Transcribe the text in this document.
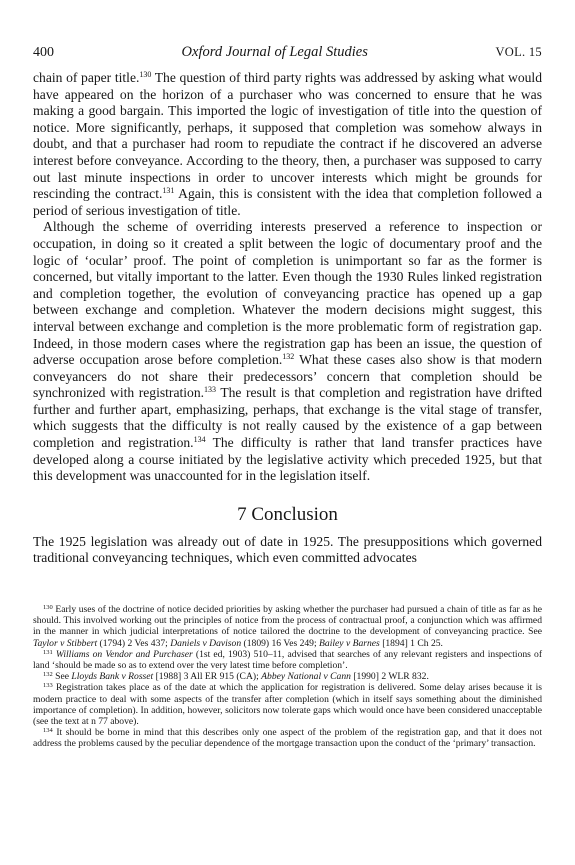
400	Oxford Journal of Legal Studies	VOL. 15

chain of paper title.$^{130}$ The question of third party rights was addressed by asking what would have appeared on the horizon of a purchaser who was concerned to ensure that he was making a good bargain. This imported the logic of investigation of title into the question of notice. More significantly, perhaps, it supposed that completion was somehow always in doubt, and that a purchaser had room to repudiate the contract if he discovered an adverse interest before conveyance. According to the theory, then, a purchaser was supposed to carry out last minute inspections in order to uncover interests which might be grounds for rescinding the contract.$^{131}$ Again, this is consistent with the idea that completion followed a period of serious investigation of title.

Although the scheme of overriding interests preserved a reference to inspection or occupation, in doing so it created a split between the logic of documentary proof and the logic of ‘ocular’ proof. The point of completion is unimportant so far as the former is concerned, but vitally important to the latter. Even though the 1930 Rules linked registration and completion together, the evolution of conveyancing practice has opened up a gap between exchange and completion. Whatever the modern decisions might suggest, this interval between exchange and completion is the more problematic form of registration gap. Indeed, in those modern cases where the registration gap has been an issue, the question of adverse occupation arose before completion.$^{132}$ What these cases also show is that modern conveyancers do not share their predecessors’ concern that completion should be synchronized with registration.$^{133}$ The result is that completion and registration have drifted further and further apart, emphasizing, perhaps, that exchange is the vital stage of transfer, which suggests that the difficulty is not really caused by the existence of a gap between completion and registration.$^{134}$ The difficulty is rather that land transfer practices have developed along a course initiated by the legislative activity which preceded 1925, but that this development was unaccounted for in the legislation itself.

7 Conclusion

The 1925 legislation was already out of date in 1925. The presuppositions which governed traditional conveyancing techniques, which even committed advocates

$^{130}$ Early uses of the doctrine of notice decided priorities by asking whether the purchaser had pursued a chain of title as far as he should. This involved working out the principles of notice from the process of contractual proof, a conjunction which was affirmed in the manner in which judicial interpretations of notice tailored the doctrine to the development of conveyancing practice. See Taylor v Stibbert (1794) 2 Ves 437; Daniels v Davison (1809) 16 Ves 249; Bailey v Barnes [1894] 1 Ch 25.

$^{131}$ Williams on Vendor and Purchaser (1st ed, 1903) 510–11, advised that searches of any relevant registers and inspections of land ‘should be made so as to extend over the very latest time before completion’.

$^{132}$ See Lloyds Bank v Rosset [1988] 3 All ER 915 (CA); Abbey National v Cann [1990] 2 WLR 832.

$^{133}$ Registration takes place as of the date at which the application for registration is delivered. Some delay arises because it is modern practice to deal with some aspects of the transfer after completion (which in itself says something about the diminished importance of completion). In addition, however, solicitors now tolerate gaps which would once have been considered unacceptable (see the text at n 77 above).

$^{134}$ It should be borne in mind that this describes only one aspect of the problem of the registration gap, and that it does not address the problems caused by the peculiar dependence of the mortgage transaction upon the conduct of the ‘primary’ transaction.
